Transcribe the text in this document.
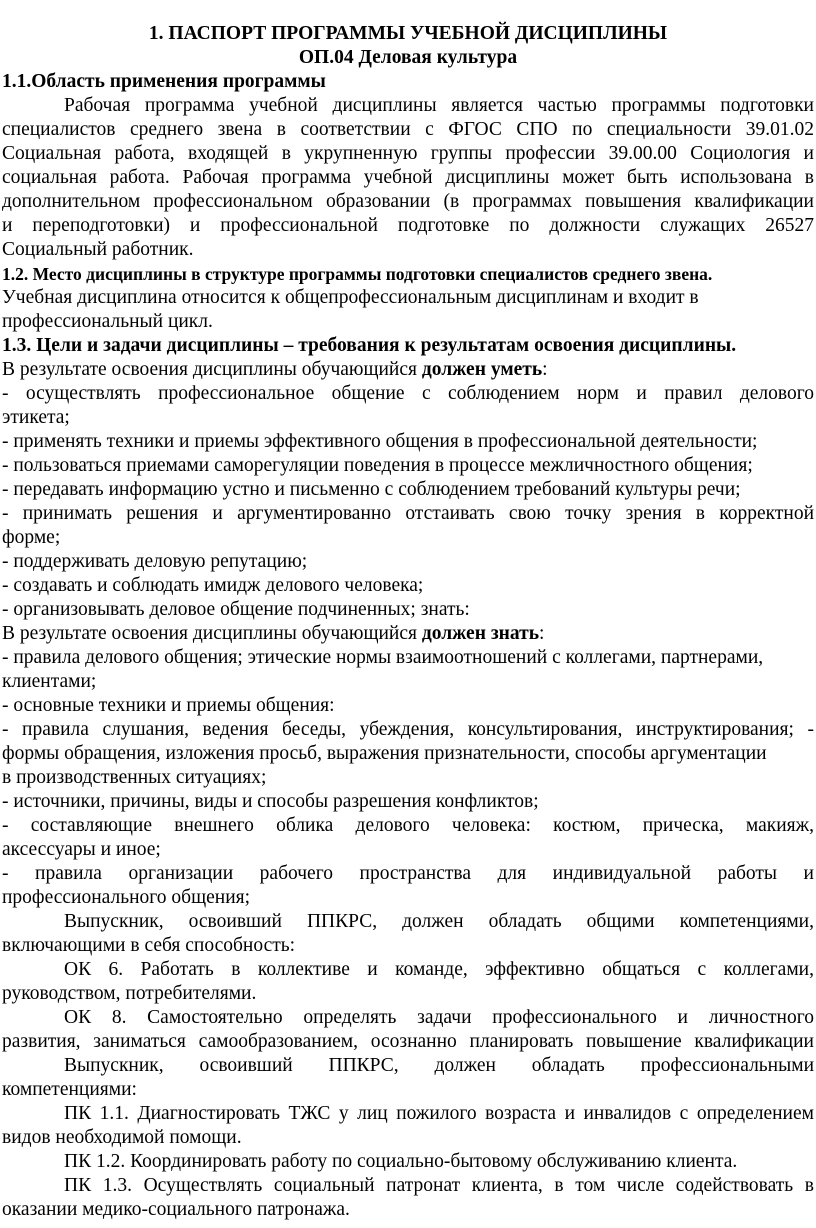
1. ПАСПОРТ ПРОГРАММЫ УЧЕБНОЙ ДИСЦИПЛИНЫ
ОП.04 Деловая культура
1.1.Область применения программы
Рабочая программа учебной дисциплины является частью программы подготовки
специалистов среднего звена в соответствии с ФГОС СПО по специальности 39.01.02
Социальная работа, входящей в укрупненную группы профессии 39.00.00 Социология и
социальная работа. Рабочая программа учебной дисциплины может быть использована в
дополнительном профессиональном образовании (в программах повышения квалификации
и переподготовки) и профессиональной подготовке по должности служащих 26527
Социальный работник.
1.2. Место дисциплины в структуре программы подготовки специалистов среднего звена.
Учебная дисциплина относится к общепрофессиональным дисциплинам и входит в
профессиональный цикл.
1.3. Цели и задачи дисциплины – требования к результатам освоения дисциплины.
В результате освоения дисциплины обучающийся должен уметь:
- осуществлять профессиональное общение с соблюдением норм и правил делового
этикета;
- применять техники и приемы эффективного общения в профессиональной деятельности;
- пользоваться приемами саморегуляции поведения в процессе межличностного общения;
- передавать информацию устно и письменно с соблюдением требований культуры речи;
- принимать решения и аргументированно отстаивать свою точку зрения в корректной
форме;
- поддерживать деловую репутацию;
- создавать и соблюдать имидж делового человека;
- организовывать деловое общение подчиненных; знать:
В результате освоения дисциплины обучающийся должен знать:
- правила делового общения; этические нормы взаимоотношений с коллегами, партнерами,
клиентами;
- основные техники и приемы общения:
- правила слушания, ведения беседы, убеждения, консультирования, инструктирования; -
формы обращения, изложения просьб, выражения признательности, способы аргументации
в производственных ситуациях;
- источники, причины, виды и способы разрешения конфликтов;
- составляющие внешнего облика делового человека: костюм, прическа, макияж,
аксессуары и иное;
- правила организации рабочего пространства для индивидуальной работы и
профессионального общения;
Выпускник, освоивший ППКРС, должен обладать общими компетенциями,
включающими в себя способность:
ОК 6. Работать в коллективе и команде, эффективно общаться с коллегами,
руководством, потребителями.
ОК 8. Самостоятельно определять задачи профессионального и личностного
развития, заниматься самообразованием, осознанно планировать повышение квалификации
Выпускник, освоивший ППКРС, должен обладать профессиональными
компетенциями:
ПК 1.1. Диагностировать ТЖС у лиц пожилого возраста и инвалидов с определением
видов необходимой помощи.
ПК 1.2. Координировать работу по социально-бытовому обслуживанию клиента.
ПК 1.3. Осуществлять социальный патронат клиента, в том числе содействовать в
оказании медико-социального патронажа.
